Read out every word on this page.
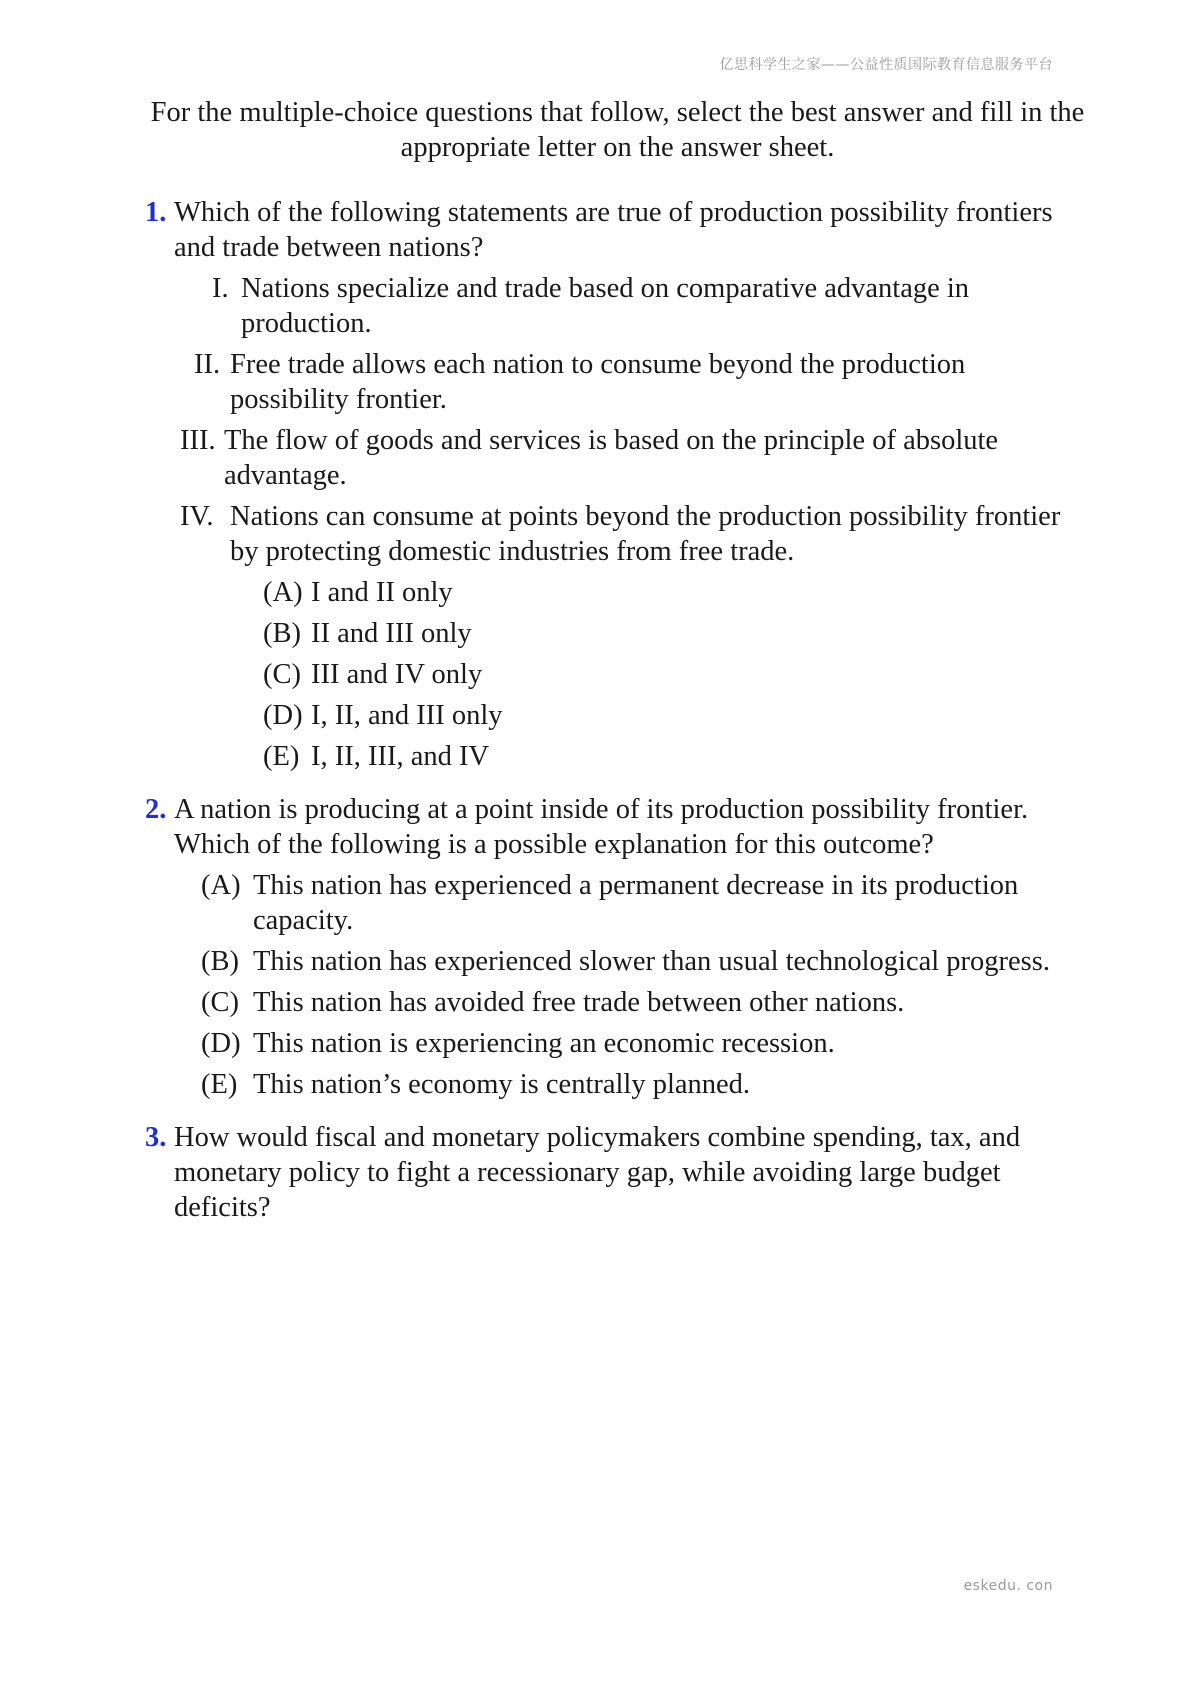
亿思科学生之家——公益性质国际教育信息服务平台

For the multiple-choice questions that follow, select the best answer and fill in the appropriate letter on the answer sheet.

1. Which of the following statements are true of production possibility frontiers and trade between nations?

I. Nations specialize and trade based on comparative advantage in production.
II. Free trade allows each nation to consume beyond the production possibility frontier.
III. The flow of goods and services is based on the principle of absolute advantage.
IV. Nations can consume at points beyond the production possibility frontier by protecting domestic industries from free trade.
(A) I and II only
(B) II and III only
(C) III and IV only
(D) I, II, and III only
(E) I, II, III, and IV
2. A nation is producing at a point inside of its production possibility frontier. Which of the following is a possible explanation for this outcome?

(A) This nation has experienced a permanent decrease in its production capacity.
(B) This nation has experienced slower than usual technological progress.
(C) This nation has avoided free trade between other nations.
(D) This nation is experiencing an economic recession.
(E) This nation’s economy is centrally planned.
3. How would fiscal and monetary policymakers combine spending, tax, and monetary policy to fight a recessionary gap, while avoiding large budget deficits?

eskedu. con
